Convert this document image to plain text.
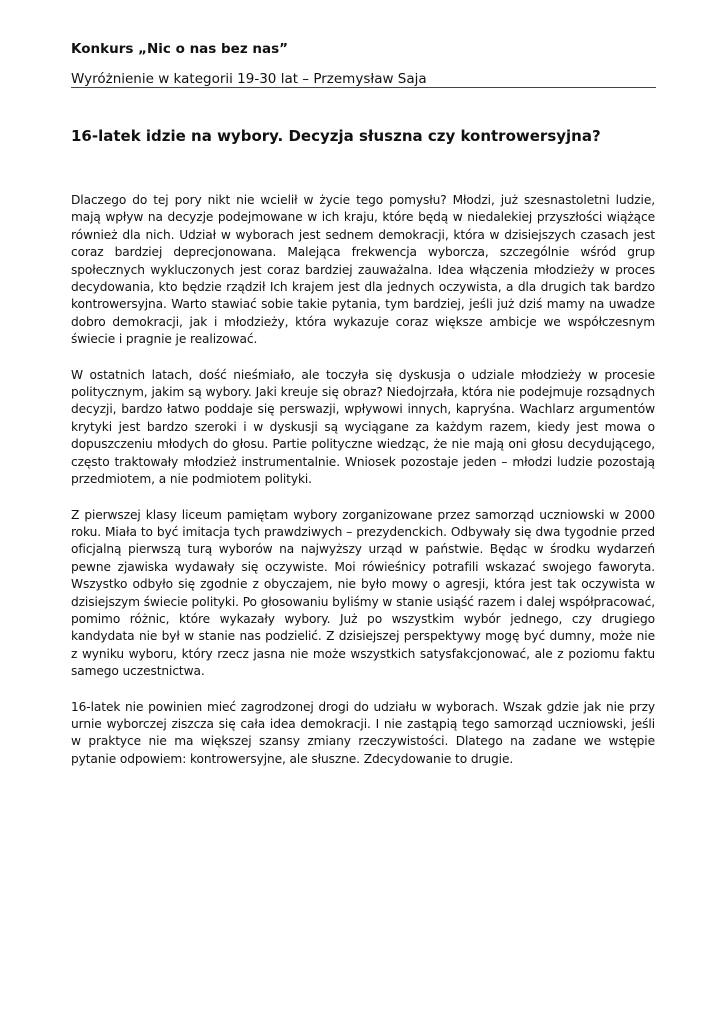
Konkurs „Nic o nas bez nas”

Wyróżnienie w kategorii 19-30 lat – Przemysław Saja
16-latek idzie na wybory. Decyzja słuszna czy kontrowersyjna?

Dlaczego do tej pory nikt nie wcielił w życie tego pomysłu? Młodzi, już szesnastoletni ludzie, mają wpływ na decyzje podejmowane w ich kraju, które będą w niedalekiej przyszłości wiążące również dla nich. Udział w wyborach jest sednem demokracji, która w dzisiejszych czasach jest coraz bardziej deprecjonowana. Malejąca frekwencja wyborcza, szczególnie wśród grup społecznych wykluczonych jest coraz bardziej zauważalna. Idea włączenia młodzieży w proces decydowania, kto będzie rządził Ich krajem jest dla jednych oczywista, a dla drugich tak bardzo kontrowersyjna. Warto stawiać sobie takie pytania, tym bardziej, jeśli już dziś mamy na uwadze dobro demokracji, jak i młodzieży, która wykazuje coraz większe ambicje we współczesnym świecie i pragnie je realizować.

W ostatnich latach, dość nieśmiało, ale toczyła się dyskusja o udziale młodzieży w procesie politycznym, jakim są wybory. Jaki kreuje się obraz? Niedojrzała, która nie podejmuje rozsądnych decyzji, bardzo łatwo poddaje się perswazji, wpływowi innych, kapryśna. Wachlarz argumentów krytyki jest bardzo szeroki i w dyskusji są wyciągane za każdym razem, kiedy jest mowa o dopuszczeniu młodych do głosu. Partie polityczne wiedząc, że nie mają oni głosu decydującego, często traktowały młodzież instrumentalnie. Wniosek pozostaje jeden – młodzi ludzie pozostają przedmiotem, a nie podmiotem polityki.

Z pierwszej klasy liceum pamiętam wybory zorganizowane przez samorząd uczniowski w 2000 roku. Miała to być imitacja tych prawdziwych – prezydenckich. Odbywały się dwa tygodnie przed oficjalną pierwszą turą wyborów na najwyższy urząd w państwie. Będąc w środku wydarzeń pewne zjawiska wydawały się oczywiste. Moi rówieśnicy potrafili wskazać swojego faworyta. Wszystko odbyło się zgodnie z obyczajem, nie było mowy o agresji, która jest tak oczywista w dzisiejszym świecie polityki. Po głosowaniu byliśmy w stanie usiąść razem i dalej współpracować, pomimo różnic, które wykazały wybory. Już po wszystkim wybór jednego, czy drugiego kandydata nie był w stanie nas podzielić. Z dzisiejszej perspektywy mogę być dumny, może nie z wyniku wyboru, który rzecz jasna nie może wszystkich satysfakcjonować, ale z poziomu faktu samego uczestnictwa.

16-latek nie powinien mieć zagrodzonej drogi do udziału w wyborach. Wszak gdzie jak nie przy urnie wyborczej ziszcza się cała idea demokracji. I nie zastąpią tego samorząd uczniowski, jeśli w praktyce nie ma większej szansy zmiany rzeczywistości. Dlatego na zadane we wstępie pytanie odpowiem: kontrowersyjne, ale słuszne. Zdecydowanie to drugie.
